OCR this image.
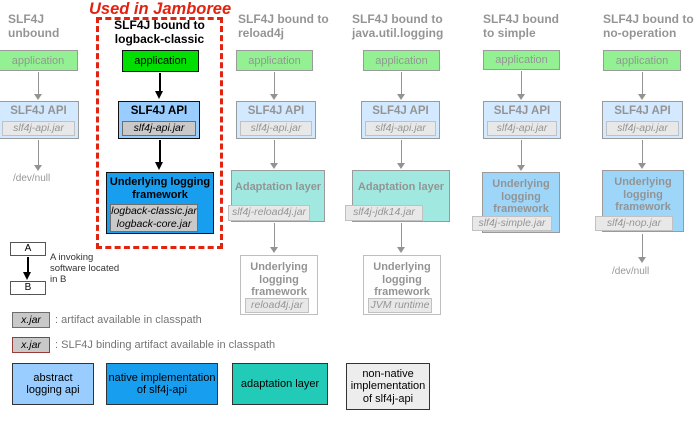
Used in Jamboree
SLF4J
unbound
application
SLF4J API
slf4j-api.jar
/dev/null
SLF4J bound to
reload4j
application
SLF4J API
slf4j-api.jar
Adaptation layer
slf4j-reload4j.jar
Underlying
logging
framework
reload4j.jar
SLF4J bound to
java.util.logging
application
SLF4J API
slf4j-api.jar
Adaptation layer
slf4j-jdk14.jar
Underlying
logging
framework
JVM runtime
SLF4J bound
to simple
application
SLF4J API
slf4j-api.jar
Underlying
logging
framework
slf4j-simple.jar
SLF4J bound to
no-operation
application
SLF4J API
slf4j-api.jar
Underlying
logging
framework
slf4j-nop.jar
/dev/null
SLF4J bound to
logback-classic
application
SLF4J API
slf4j-api.jar
Underlying logging
framework
logback-classic.jar
logback-core.jar
A
B
A invoking
software located
in B
x.jar	: artifact available in classpath
x.jar	: SLF4J binding artifact available in classpath
abstract
logging api
native implementation
of slf4j-api
adaptation layer
non-native
implementation
of slf4j-api
